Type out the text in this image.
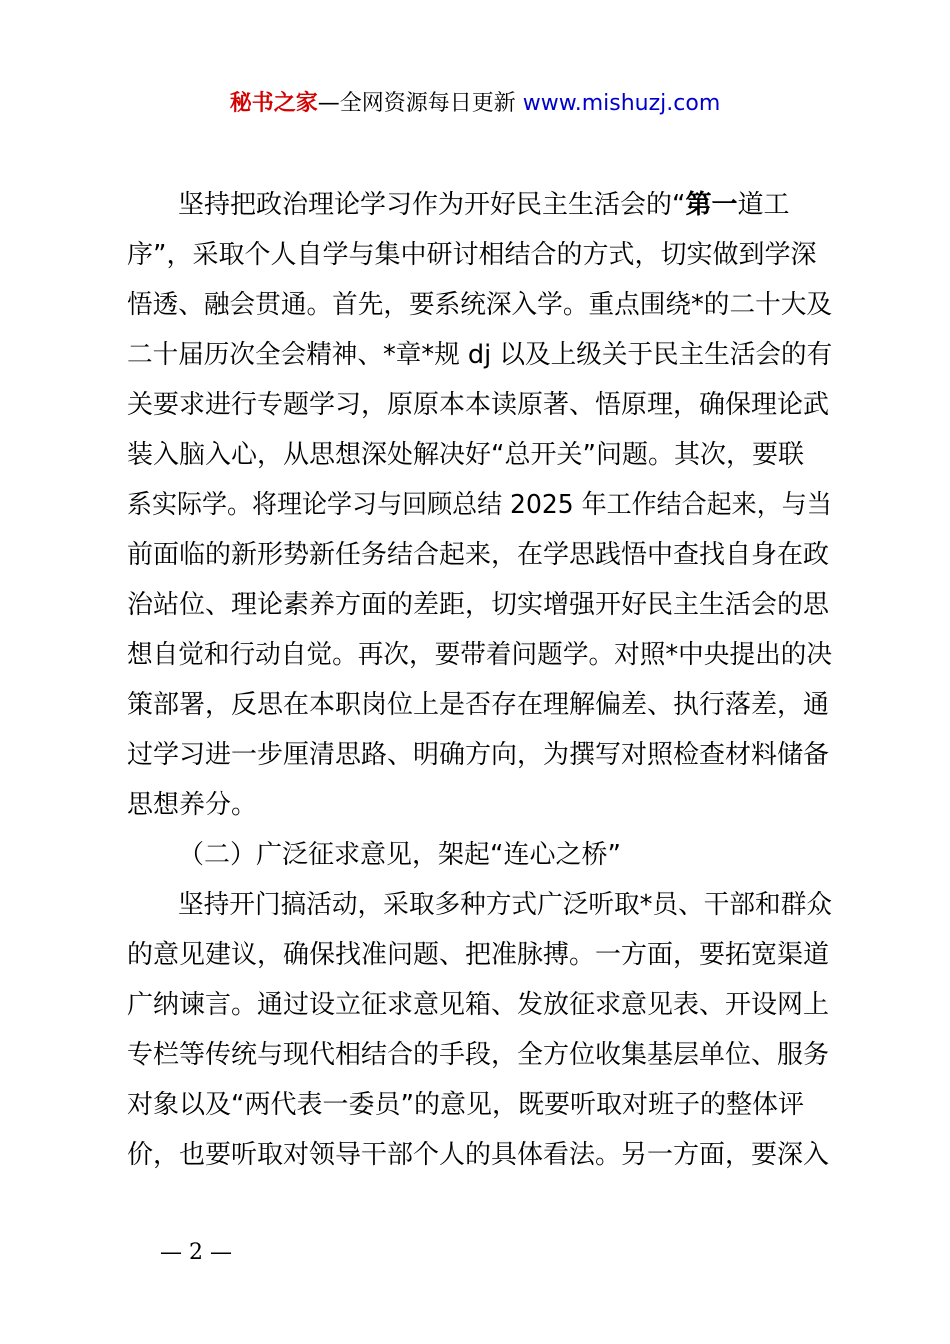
秘书之家—全网资源每日更新 www.mishuzj.com
坚持把政治理论学习作为开好民主生活会的“第一道工
序”，采取个人自学与集中研讨相结合的方式，切实做到学深
悟透、融会贯通。首先，要系统深入学。重点围绕*的二十大及
二十届历次全会精神、*章*规 dj 以及上级关于民主生活会的有
关要求进行专题学习，原原本本读原著、悟原理，确保理论武
装入脑入心，从思想深处解决好“总开关”问题。其次，要联
系实际学。将理论学习与回顾总结 2025 年工作结合起来，与当
前面临的新形势新任务结合起来，在学思践悟中查找自身在政
治站位、理论素养方面的差距，切实增强开好民主生活会的思
想自觉和行动自觉。再次，要带着问题学。对照*中央提出的决
策部署，反思在本职岗位上是否存在理解偏差、执行落差，通
过学习进一步厘清思路、明确方向，为撰写对照检查材料储备
思想养分。
（二）广泛征求意见，架起“连心之桥”
坚持开门搞活动，采取多种方式广泛听取*员、干部和群众
的意见建议，确保找准问题、把准脉搏。一方面，要拓宽渠道
广纳谏言。通过设立征求意见箱、发放征求意见表、开设网上
专栏等传统与现代相结合的手段，全方位收集基层单位、服务
对象以及“两代表一委员”的意见，既要听取对班子的整体评
价，也要听取对领导干部个人的具体看法。另一方面，要深入
— 2 —
